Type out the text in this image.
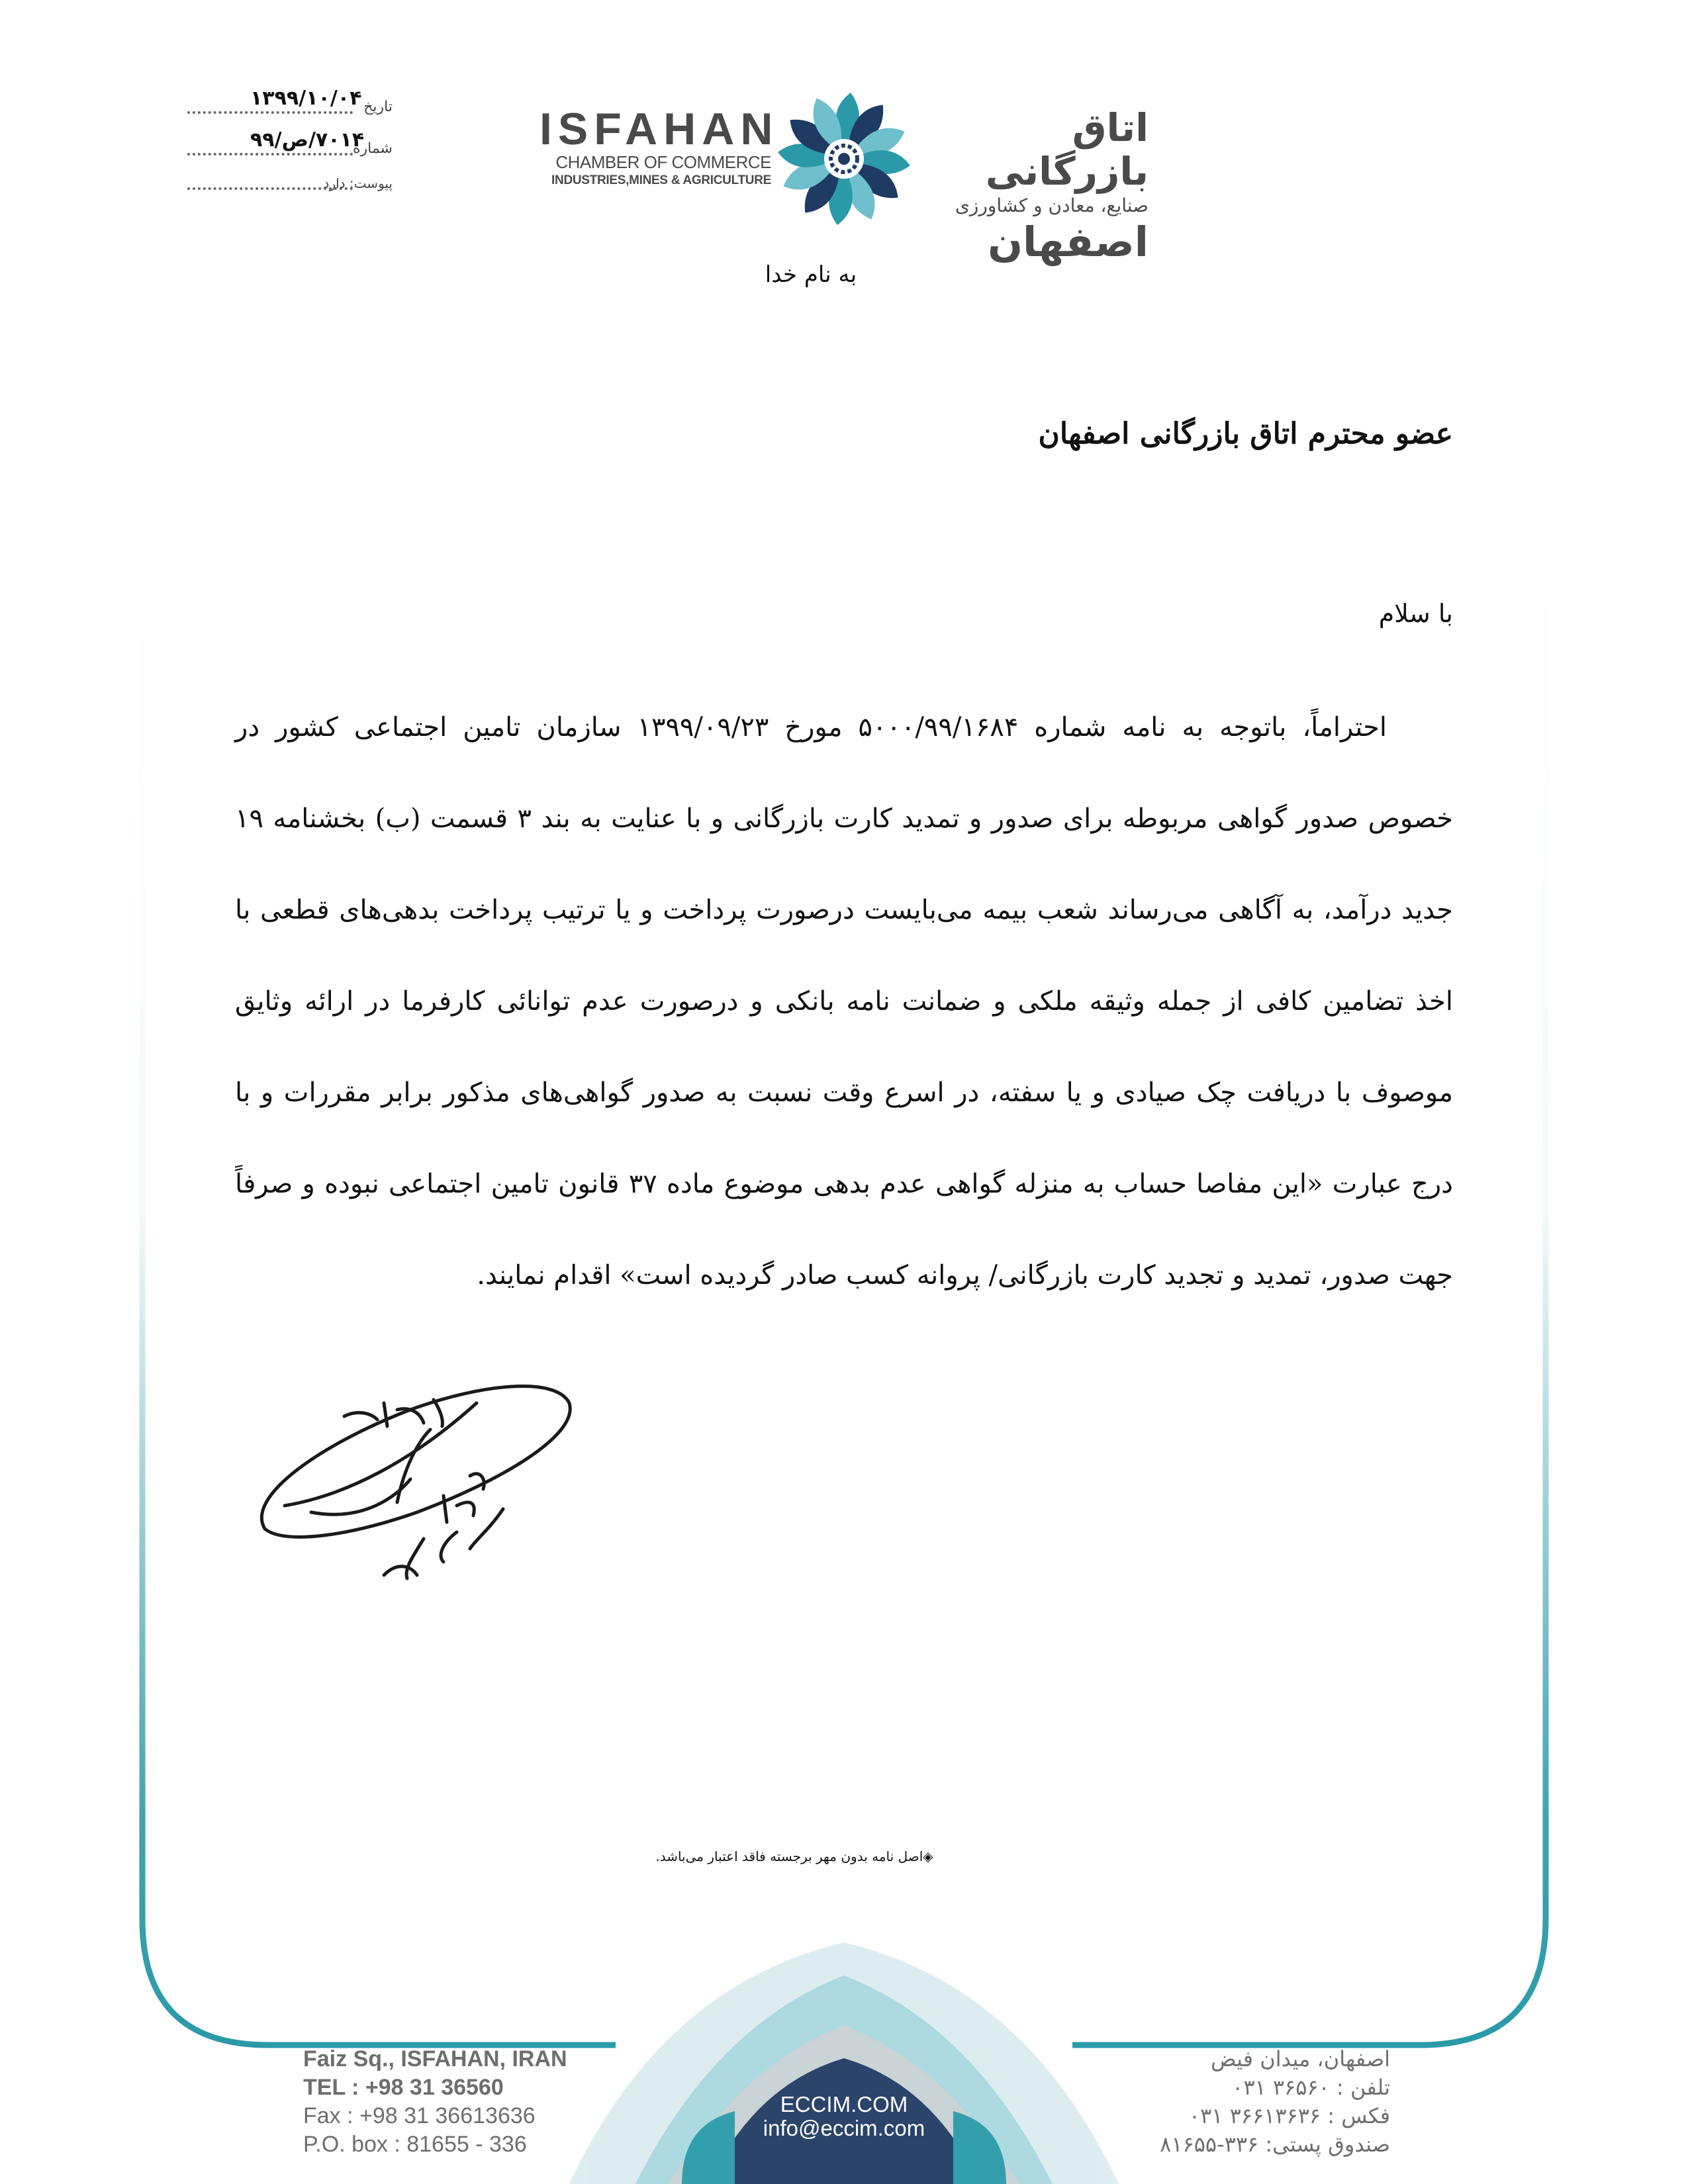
تاریخ
۱۳۹۹/۱۰/۰۴
شماره
۷۰۱۴/ص/۹۹
پیوست: دارد
ISFAHAN
CHAMBER OF COMMERCE
INDUSTRIES,MINES & AGRICULTURE
اتاق بازرگانی
صنایع، معادن و کشاورزی
اصفهان
به نام خدا
عضو محترم اتاق بازرگانی اصفهان
با سلام
احتراماً، باتوجه به نامه شماره ۵۰۰۰/۹۹/۱۶۸۴ مورخ ۱۳۹۹/۰۹/۲۳ سازمان تامین اجتماعی کشور در خصوص صدور گواهی مربوطه برای صدور و تمدید کارت بازرگانی و با عنایت به بند ۳ قسمت (ب) بخشنامه ۱۹ جدید درآمد، به آگاهی می‌رساند شعب بیمه می‌بایست درصورت پرداخت و یا ترتیب پرداخت بدهی‌های قطعی با اخذ تضامین کافی از جمله وثیقه ملکی و ضمانت نامه بانکی و درصورت عدم توانائی کارفرما در ارائه وثایق موصوف با دریافت چک صیادی و یا سفته، در اسرع وقت نسبت به صدور گواهی‌های مذکور برابر مقررات و با درج عبارت «این مفاصا حساب به منزله گواهی عدم بدهی موضوع ماده ۳۷ قانون تامین اجتماعی نبوده و صرفاً جهت صدور، تمدید و تجدید کارت بازرگانی/ پروانه کسب صادر گردیده است» اقدام نمایند.
◈اصل نامه بدون مهر برجسته فاقد اعتبار می‌باشد.
Faiz Sq., ISFAHAN, IRAN
TEL : +98 31 36560
Fax : +98 31 36613636
P.O. box : 81655 - 336
ECCIM.COM
info@eccim.com
اصفهان، میدان فیض
تلفن : ۳۶۵۶۰ ۰۳۱
فکس : ۳۶۶۱۳۶۳۶ ۰۳۱
صندوق پستی: ۳۳۶-۸۱۶۵۵
